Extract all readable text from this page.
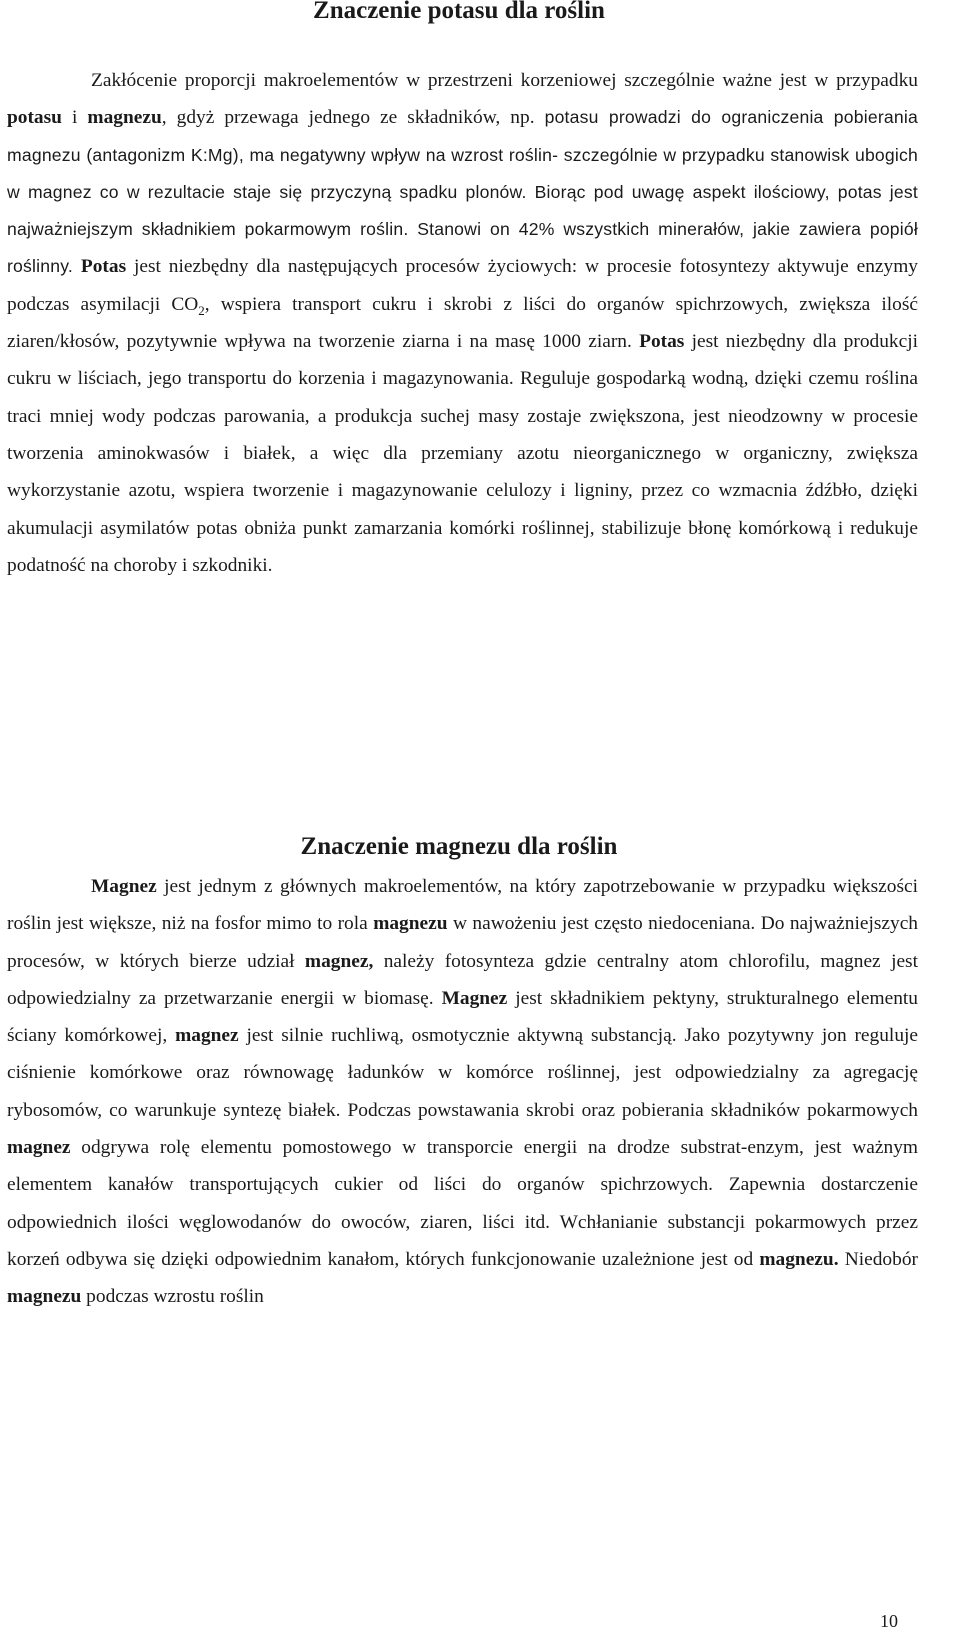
Znaczenie potasu dla roślin

Zakłócenie proporcji makroelementów w przestrzeni korzeniowej szczególnie ważne jest w przypadku potasu i magnezu, gdyż przewaga jednego ze składników, np. potasu prowadzi do ograniczenia pobierania magnezu (antagonizm K:Mg), ma negatywny wpływ na wzrost roślin- szczególnie w przypadku stanowisk ubogich w magnez co w rezultacie staje się przyczyną spadku plonów. Biorąc pod uwagę aspekt ilościowy, potas jest najważniejszym składnikiem pokarmowym roślin. Stanowi on 42% wszystkich minerałów, jakie zawiera popiół roślinny. Potas jest niezbędny dla następujących procesów życiowych: w procesie fotosyntezy aktywuje enzymy podczas asymilacji $CO_2$, wspiera transport cukru i skrobi z liści do organów spichrzowych, zwiększa ilość ziaren/kłosów, pozytywnie wpływa na tworzenie ziarna i na masę 1000 ziarn. Potas jest niezbędny dla produkcji cukru w liściach, jego transportu do korzenia i magazynowania. Reguluje gospodarką wodną, dzięki czemu roślina traci mniej wody podczas parowania, a produkcja suchej masy zostaje zwiększona, jest nieodzowny w procesie tworzenia aminokwasów i białek, a więc dla przemiany azotu nieorganicznego w organiczny, zwiększa wykorzystanie azotu, wspiera tworzenie i magazynowanie celulozy i ligniny, przez co wzmacnia źdźbło, dzięki akumulacji asymilatów potas obniża punkt zamarzania komórki roślinnej, stabilizuje błonę komórkową i redukuje podatność na choroby i szkodniki.

Znaczenie magnezu dla roślin

Magnez jest jednym z głównych makroelementów, na który zapotrzebowanie w przypadku większości roślin jest większe, niż na fosfor mimo to rola magnezu w nawożeniu jest często niedoceniana. Do najważniejszych procesów, w których bierze udział magnez, należy fotosynteza gdzie centralny atom chlorofilu, magnez jest odpowiedzialny za przetwarzanie energii w biomasę. Magnez jest składnikiem pektyny, strukturalnego elementu ściany komórkowej, magnez jest silnie ruchliwą, osmotycznie aktywną substancją. Jako pozytywny jon reguluje ciśnienie komórkowe oraz równowagę ładunków w komórce roślinnej, jest odpowiedzialny za agregację rybosomów, co warunkuje syntezę białek. Podczas powstawania skrobi oraz pobierania składników pokarmowych magnez odgrywa rolę elementu pomostowego w transporcie energii na drodze substrat-enzym, jest ważnym elementem kanałów transportujących cukier od liści do organów spichrzowych. Zapewnia dostarczenie odpowiednich ilości węglowodanów do owoców, ziaren, liści itd. Wchłanianie substancji pokarmowych przez korzeń odbywa się dzięki odpowiednim kanałom, których funkcjonowanie uzależnione jest od magnezu. Niedobór magnezu podczas wzrostu roślin

10
